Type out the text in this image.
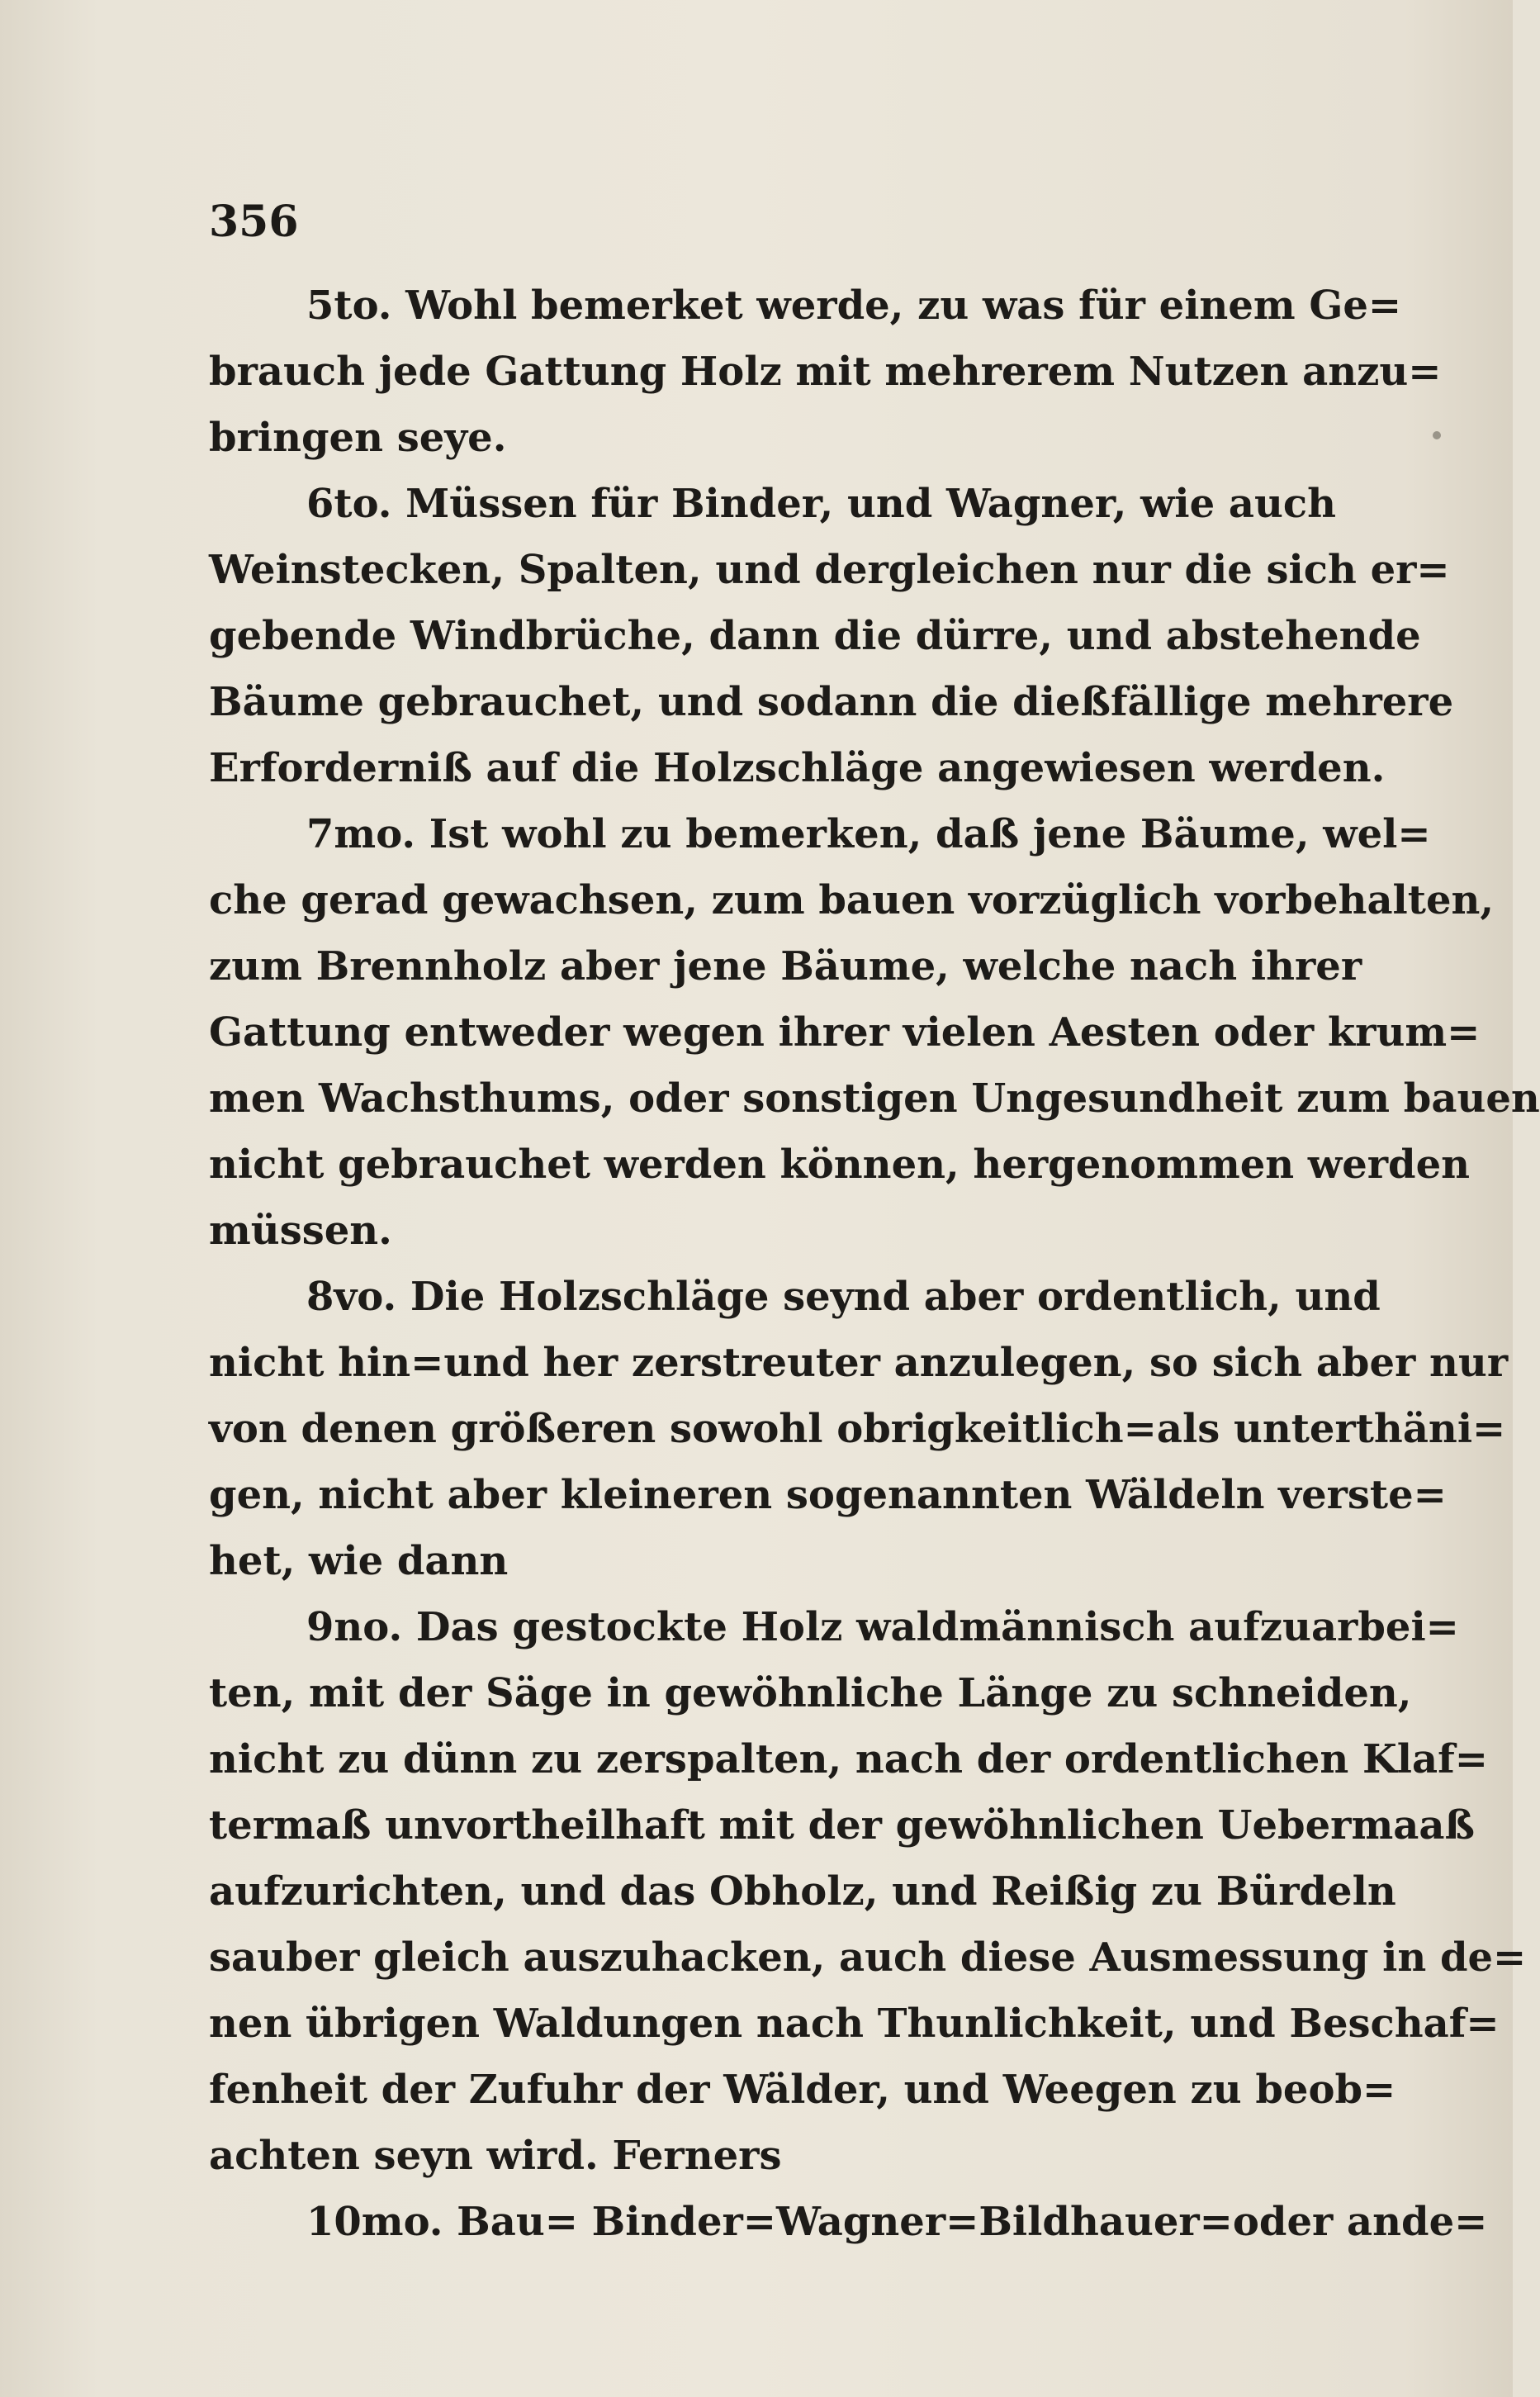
356

5to. Wohl bemerket werde, zu was für einem Ge=
brauch jede Gattung Holz mit mehrerem Nutzen anzu=
bringen seye.
6to. Müssen für Binder, und Wagner, wie auch
Weinstecken, Spalten, und dergleichen nur die sich er=
gebende Windbrüche, dann die dürre, und abstehende
Bäume gebrauchet, und sodann die dießfällige mehrere
Erforderniß auf die Holzschläge angewiesen werden.
7mo. Ist wohl zu bemerken, daß jene Bäume, wel=
che gerad gewachsen, zum bauen vorzüglich vorbehalten,
zum Brennholz aber jene Bäume, welche nach ihrer
Gattung entweder wegen ihrer vielen Aesten oder krum=
men Wachsthums, oder sonstigen Ungesundheit zum bauen
nicht gebrauchet werden können, hergenommen werden
müssen.
8vo. Die Holzschläge seynd aber ordentlich, und
nicht hin=und her zerstreuter anzulegen, so sich aber nur
von denen größeren sowohl obrigkeitlich=als unterthäni=
gen, nicht aber kleineren sogenannten Wäldeln verste=
het, wie dann
9no. Das gestockte Holz waldmännisch aufzuarbei=
ten, mit der Säge in gewöhnliche Länge zu schneiden,
nicht zu dünn zu zerspalten, nach der ordentlichen Klaf=
termaß unvortheilhaft mit der gewöhnlichen Uebermaaß
aufzurichten, und das Obholz, und Reißig zu Bürdeln
sauber gleich auszuhacken, auch diese Ausmessung in de=
nen übrigen Waldungen nach Thunlichkeit, und Beschaf=
fenheit der Zufuhr der Wälder, und Weegen zu beob=
achten seyn wird. Ferners
10mo. Bau= Binder=Wagner=Bildhauer=oder ande=
